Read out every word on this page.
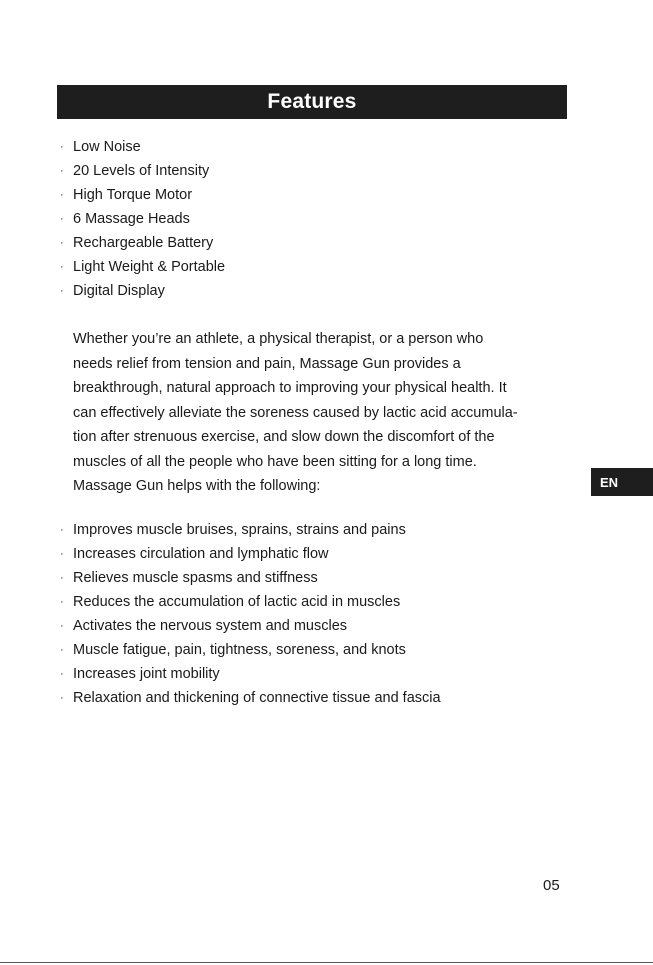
Features
· Low Noise
· 20 Levels of Intensity
· High Torque Motor
· 6 Massage Heads
· Rechargeable Battery
· Light Weight & Portable
· Digital Display

Whether you’re an athlete, a physical therapist, or a person who
needs relief from tension and pain, Massage Gun provides a
breakthrough, natural approach to improving your physical health. It
can effectively alleviate the soreness caused by lactic acid accumula-
tion after strenuous exercise, and slow down the discomfort of the
muscles of all the people who have been sitting for a long time.
Massage Gun helps with the following:

· Improves muscle bruises, sprains, strains and pains
· Increases circulation and lymphatic flow
· Relieves muscle spasms and stiffness
· Reduces the accumulation of lactic acid in muscles
· Activates the nervous system and muscles
· Muscle fatigue, pain, tightness, soreness, and knots
· Increases joint mobility
· Relaxation and thickening of connective tissue and fascia
EN
05
